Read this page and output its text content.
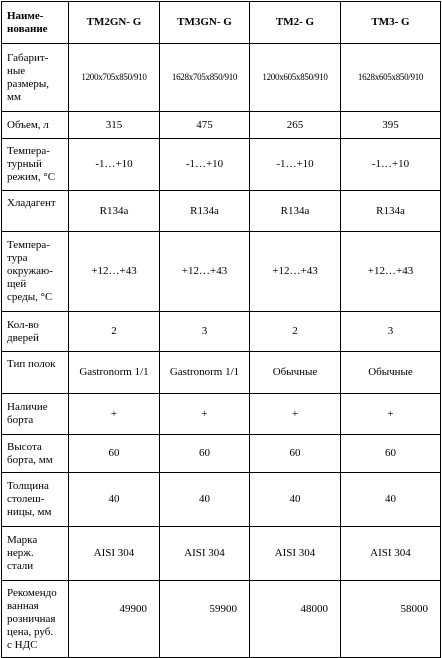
Наиме-
нование	TM2GN- G	TM3GN- G	TM2- G	TM3- G

Габарит-
ные
размеры,
мм	1200x705x850/910	1628x705x850/910	1200x605x850/910	1628x605x850/910

Объем, л	315	475	265	395

Темпера-
турный
режим, °С	-1…+10	-1…+10	-1…+10	-1…+10

Хладагент	R134a	R134a	R134a	R134a

Темпера-
тура
окружаю-
щей
среды, °С	+12…+43	+12…+43	+12…+43	+12…+43

Кол-во
дверей	2	3	2	3

Тип полок	Gastronorm 1/1	Gastronorm 1/1	Обычные	Обычные

Наличие
борта	+	+	+	+

Высота
борта, мм	60	60	60	60

Толщина
столеш-
ницы, мм	40	40	40	40

Марка
нерж.
стали	AISI 304	AISI 304	AISI 304	AISI 304

Рекомендо
ванная
розничная
цена, руб.
с НДС	49900	59900	48000	58000
